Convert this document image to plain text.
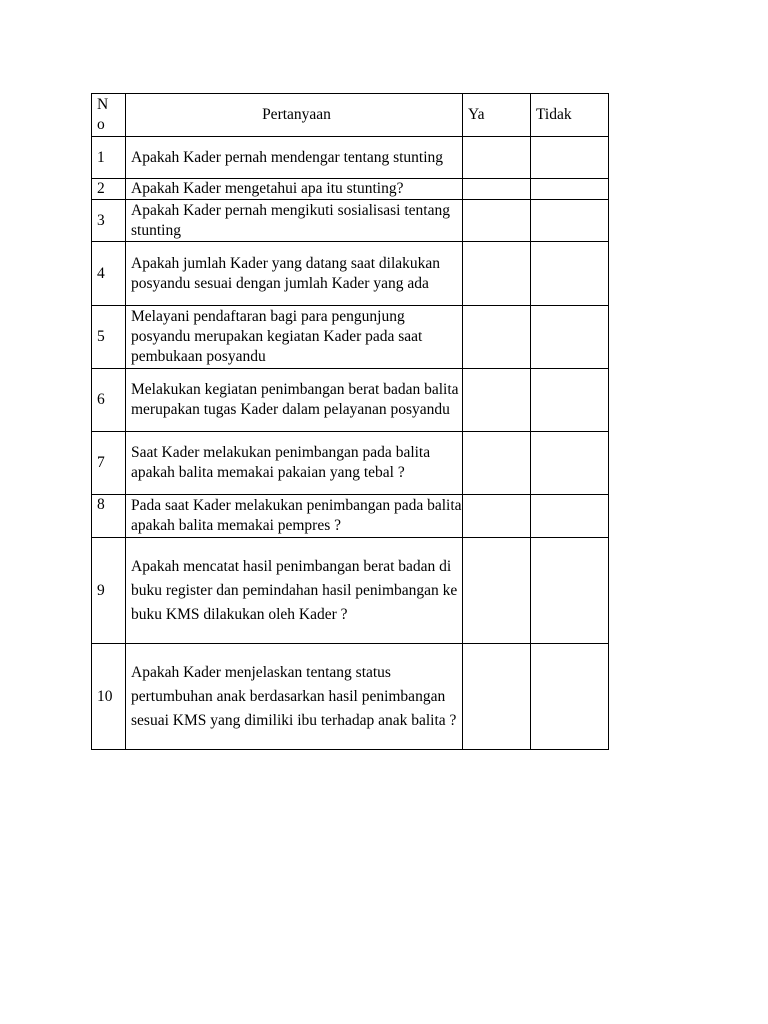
N
o	Pertanyaan	Ya	Tidak
1	Apakah Kader pernah mendengar tentang stunting		
2	Apakah Kader mengetahui apa itu stunting?		
3	Apakah Kader pernah mengikuti sosialisasi tentang stunting		
4	Apakah jumlah Kader yang datang saat dilakukan posyandu sesuai dengan jumlah Kader yang ada		
5	Melayani pendaftaran bagi para pengunjung posyandu merupakan kegiatan Kader pada saat pembukaan posyandu		
6	Melakukan kegiatan penimbangan berat badan balita merupakan tugas Kader dalam pelayanan posyandu		
7	Saat Kader melakukan penimbangan pada balita apakah balita memakai pakaian yang tebal ?		
8	Pada saat Kader melakukan penimbangan pada balita apakah balita memakai pempres ?		
9	Apakah mencatat hasil penimbangan berat badan di buku register dan pemindahan hasil penimbangan ke buku KMS dilakukan oleh Kader ?		
10	Apakah Kader menjelaskan tentang status pertumbuhan anak berdasarkan hasil penimbangan sesuai KMS yang dimiliki ibu terhadap anak balita ?		
